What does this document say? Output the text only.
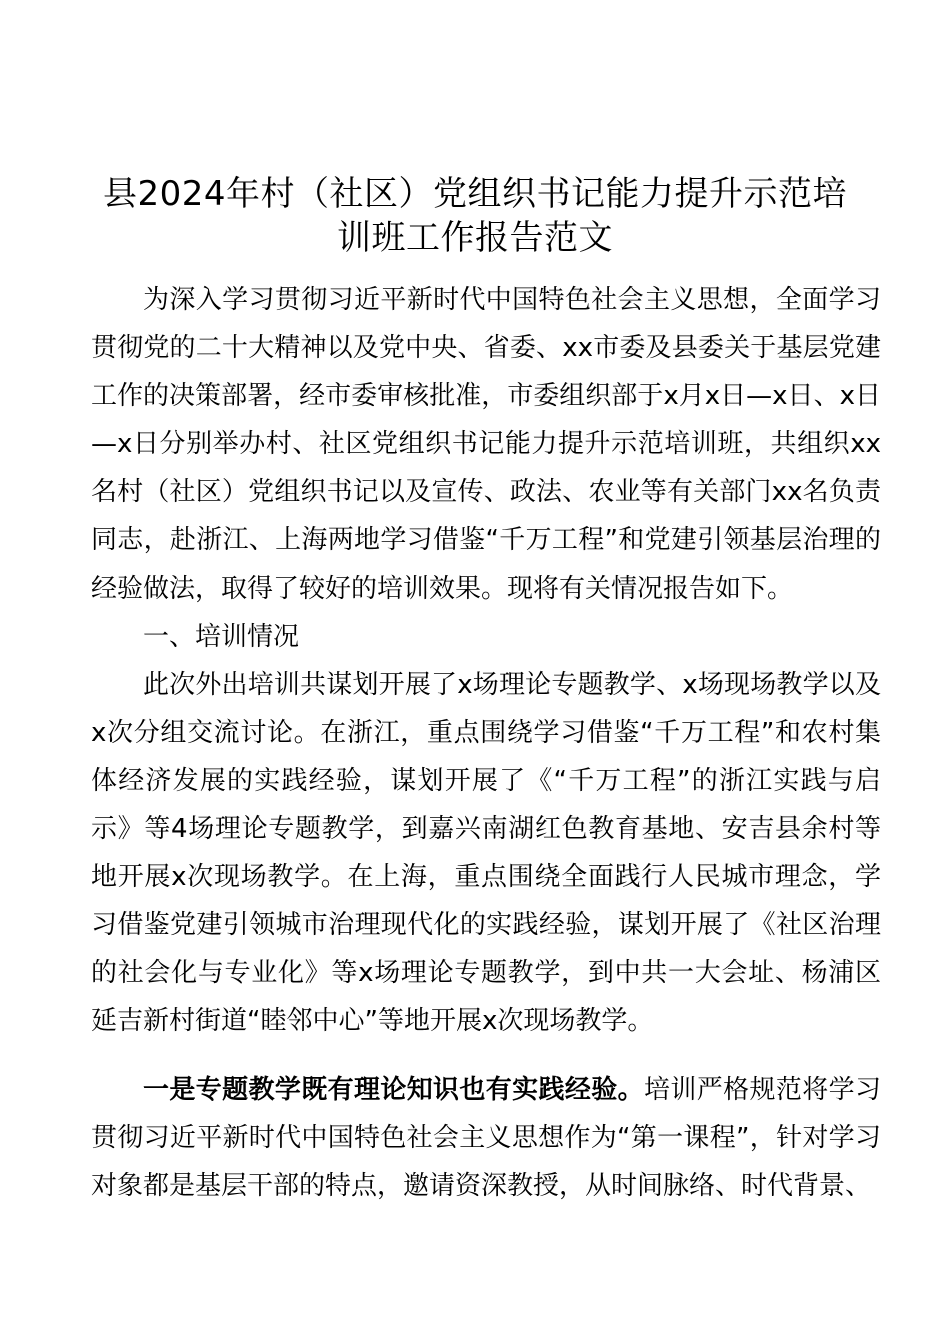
县2024年村（社区）党组织书记能力提升示范培
训班工作报告范文

为深入学习贯彻习近平新时代中国特色社会主义思想，全面学习贯彻党的二十大精神以及党中央、省委、xx市委及县委关于基层党建工作的决策部署，经市委审核批准，市委组织部于x月x日—x日、x日—x日分别举办村、社区党组织书记能力提升示范培训班，共组织xx名村（社区）党组织书记以及宣传、政法、农业等有关部门xx名负责同志，赴浙江、上海两地学习借鉴“千万工程”和党建引领基层治理的经验做法，取得了较好的培训效果。现将有关情况报告如下。

一、培训情况

此次外出培训共谋划开展了x场理论专题教学、x场现场教学以及x次分组交流讨论。在浙江，重点围绕学习借鉴“千万工程”和农村集体经济发展的实践经验，谋划开展了《“千万工程”的浙江实践与启示》等4场理论专题教学，到嘉兴南湖红色教育基地、安吉县余村等地开展x次现场教学。在上海，重点围绕全面践行人民城市理念，学习借鉴党建引领城市治理现代化的实践经验，谋划开展了《社区治理的社会化与专业化》等x场理论专题教学，到中共一大会址、杨浦区延吉新村街道“睦邻中心”等地开展x次现场教学。

一是专题教学既有理论知识也有实践经验。培训严格规范将学习贯彻习近平新时代中国特色社会主义思想作为“第一课程”，针对学习对象都是基层干部的特点，邀请资深教授，从时间脉络、时代背景、
